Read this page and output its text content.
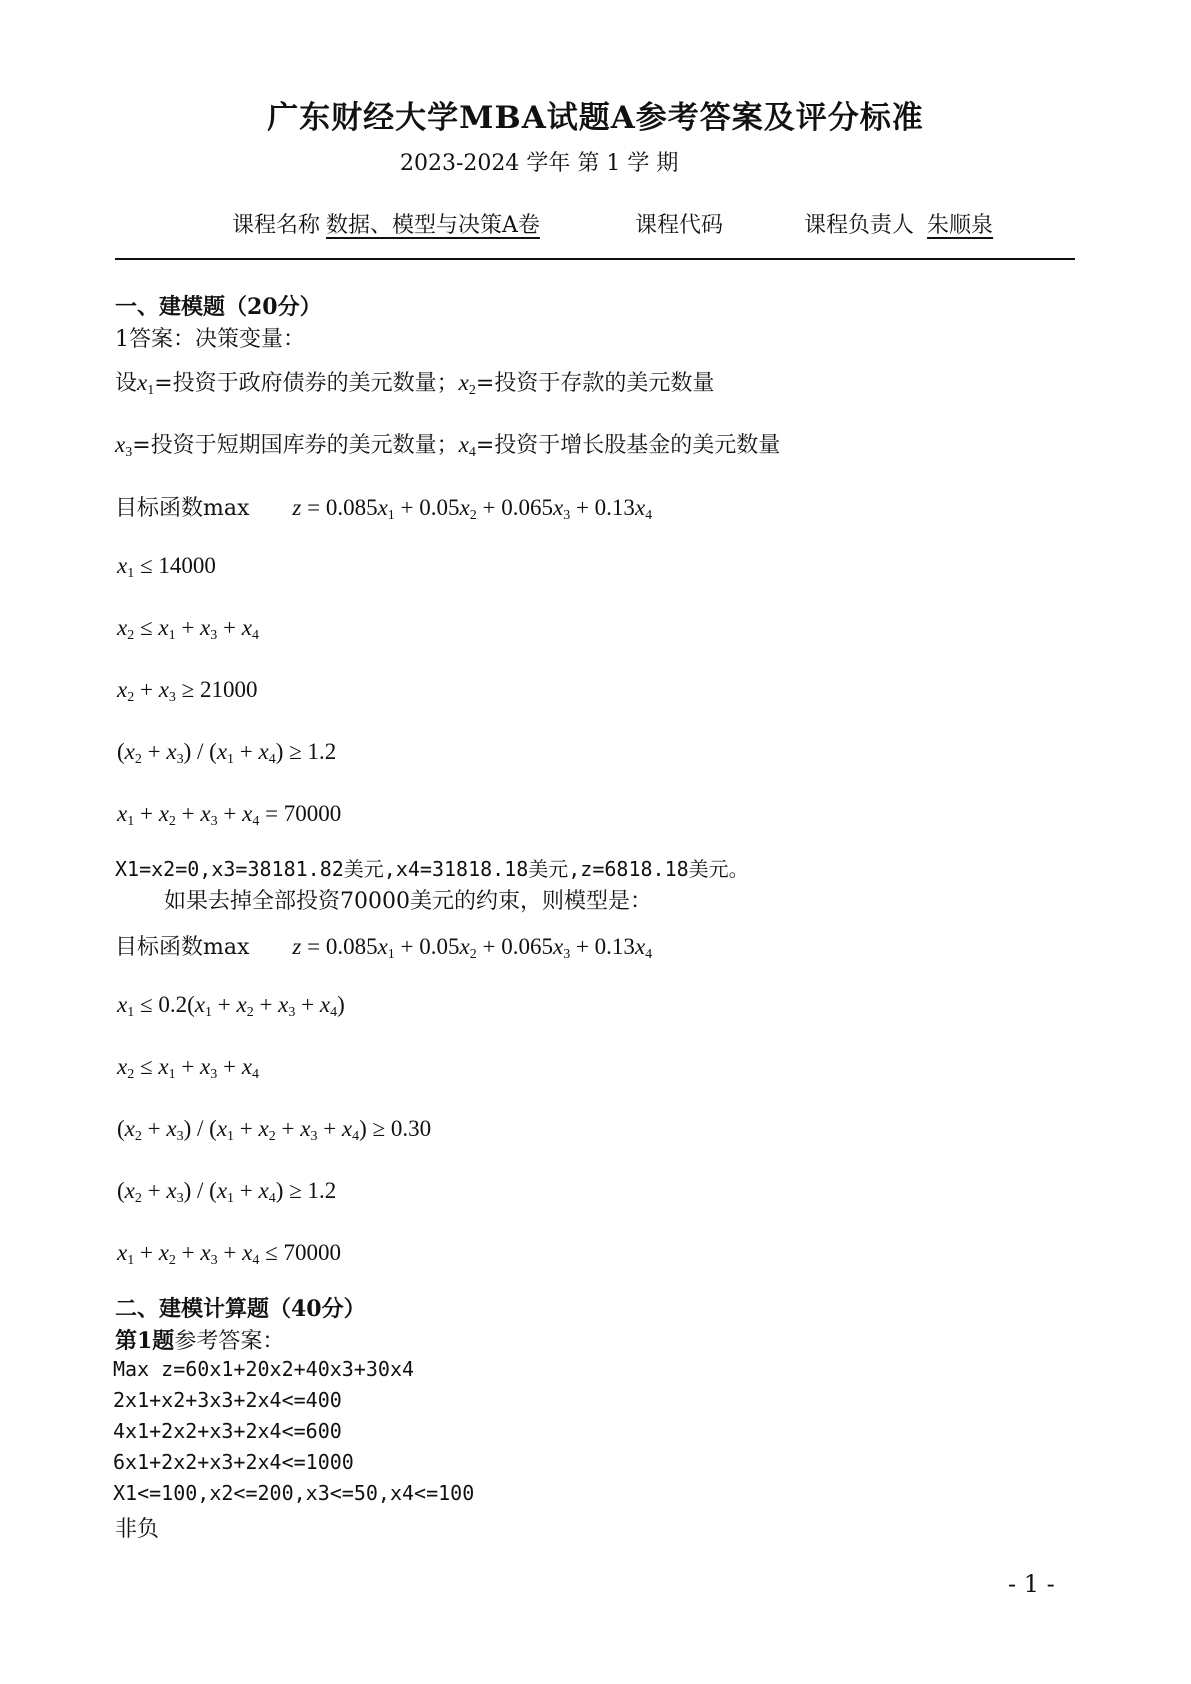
广东财经大学MBA试题A参考答案及评分标准
2023-2024 学年 第 1 学 期
课程名称 数据、模型与决策A卷	课程代码	课程负责人 朱顺泉
一、建模题（20分）
1答案：决策变量：
设$x_1=$投资于政府债券的美元数量；$x_2=$投资于存款的美元数量
$x_3=$投资于短期国库券的美元数量；$x_4=$投资于增长股基金的美元数量
目标函数$\max z = 0.085x_1 + 0.05x_2 + 0.065x_3 + 0.13x_4$
$x_1 \le 14000$
$x_2 \le x_1 + x_3 + x_4$
$x_2 + x_3 \ge 21000$
$(x_2 + x_3) / (x_1 + x_4) \ge 1.2$
$x_1 + x_2 + x_3 + x_4 = 70000$
X1=x2=0,x3=38181.82美元,x4=31818.18美元,z=6818.18美元。
如果去掉全部投资70000美元的约束，则模型是：
目标函数$\max z = 0.085x_1 + 0.05x_2 + 0.065x_3 + 0.13x_4$
$x_1 \le 0.2(x_1 + x_2 + x_3 + x_4)$
$x_2 \le x_1 + x_3 + x_4$
$(x_2 + x_3) / (x_1 + x_2 + x_3 + x_4) \ge 0.30$
$(x_2 + x_3) / (x_1 + x_4) \ge 1.2$
$x_1 + x_2 + x_3 + x_4 \le 70000$
二、建模计算题（40分）
第1题参考答案：
Max z=60x1+20x2+40x3+30x4
2x1+x2+3x3+2x4<=400
4x1+2x2+x3+2x4<=600
6x1+2x2+x3+2x4<=1000
X1<=100,x2<=200,x3<=50,x4<=100
非负
- 1 -
